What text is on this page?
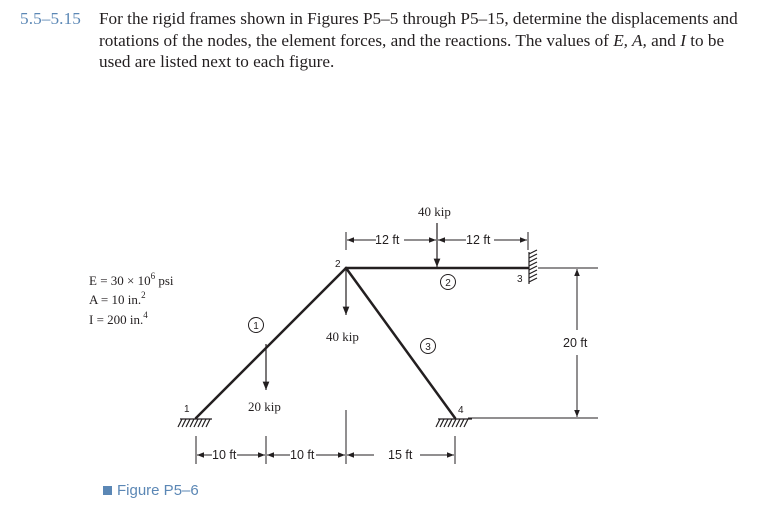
5.5–5.15 For the rigid frames shown in Figures P5–5 through P5–15, determine the displacements and rotations of the nodes, the element forces, and the reactions. The values of E, A, and I to be used are listed next to each figure.
$E = 30 \times 10^6$ psi
A = 10 in.$^2$
I = 200 in.$^4$
1
2
3
4
1
2
3
40 kip
40 kip
20 kip
12 ft	12 ft
20 ft
10 ft	10 ft	15 ft
Figure P5–6
